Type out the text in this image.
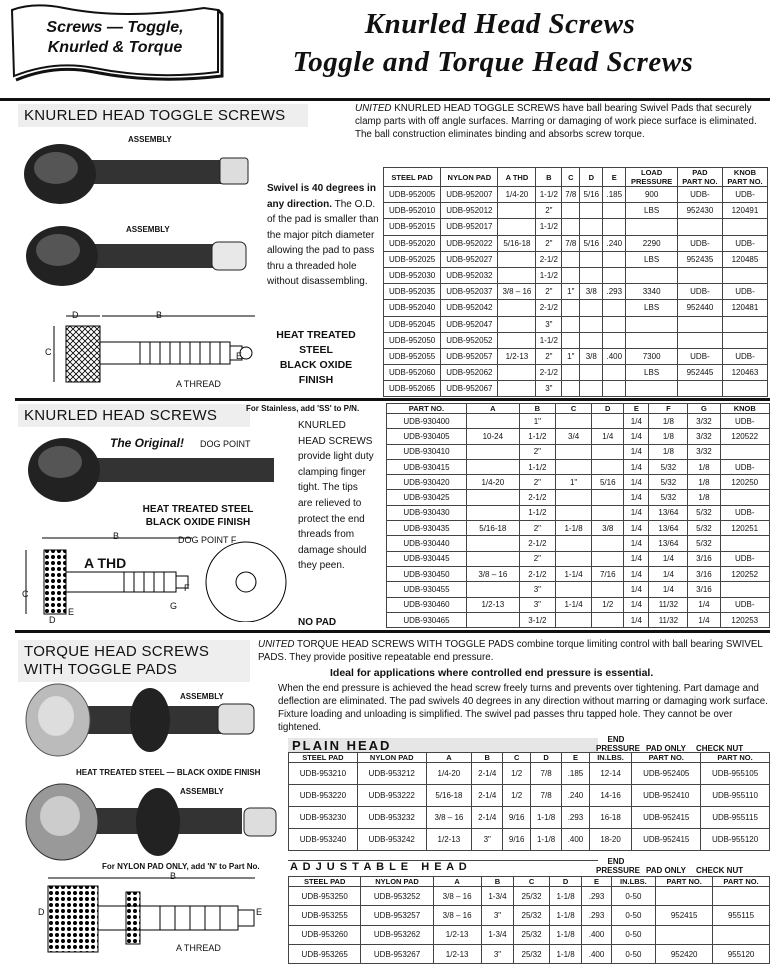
Screws — Toggle, Knurled & Torque
Knurled Head Screws
Toggle and Torque Head Screws
KNURLED HEAD TOGGLE SCREWS	UNITED KNURLED HEAD TOGGLE SCREWS have ball bearing Swivel Pads that securely clamp parts with off angle surfaces. Marring or damaging of work piece surface is eliminated. The ball construction eliminates binding and absorbs screw torque.
ASSEMBLY
ASSEMBLY
D	B
C	E
A THREAD
Swivel is 40 degrees in any direction. The O.D. of the pad is smaller than the major pitch diameter allowing the pad to pass thru a threaded hole without disassembling.
HEAT TREATED
STEEL
BLACK OXIDE
FINISH
STEEL PAD	NYLON PAD	A THD	B	C	D	E	LOAD
PRESSURE	PAD
PART NO.	KNOB
PART NO.
UDB-952005	UDB-952007	1/4-20	1-1/2	7/8	5/16	.185	900	UDB-	UDB-
UDB-952010	UDB-952012		2"				LBS	952430	120491
UDB-952015	UDB-952017		1-1/2						
UDB-952020	UDB-952022	5/16-18	2"	7/8	5/16	.240	2290	UDB-	UDB-
UDB-952025	UDB-952027		2-1/2				LBS	952435	120485
UDB-952030	UDB-952032		1-1/2						
UDB-952035	UDB-952037	3/8 – 16	2"	1"	3/8	.293	3340	UDB-	UDB-
UDB-952040	UDB-952042		2-1/2				LBS	952440	120481
UDB-952045	UDB-952047		3"						
UDB-952050	UDB-952052		1-1/2						
UDB-952055	UDB-952057	1/2-13	2"	1"	3/8	.400	7300	UDB-	UDB-
UDB-952060	UDB-952062		2-1/2				LBS	952445	120463
UDB-952065	UDB-952067		3"						
KNURLED HEAD SCREWS	For Stainless, add 'SS' to P/N.
The Original! DOG POINT
HEAT TREATED STEEL
BLACK OXIDE FINISH
B	DOG POINT F
A THD
C
D
E
F
G
KNURLED HEAD SCREWS provide light duty clamping finger tight. The tips are relieved to protect the end threads from damage should they peen.
NO PAD
PART NO.	A	B	C	D	E	F	G	KNOB
UDB-930400		1"			1/4	1/8	3/32	UDB-
UDB-930405	10-24	1-1/2	3/4	1/4	1/4	1/8	3/32	120522
UDB-930410		2"			1/4	1/8	3/32	
UDB-930415		1-1/2			1/4	5/32	1/8	UDB-
UDB-930420	1/4-20	2"	1"	5/16	1/4	5/32	1/8	120250
UDB-930425		2-1/2			1/4	5/32	1/8	
UDB-930430		1-1/2			1/4	13/64	5/32	UDB-
UDB-930435	5/16-18	2"	1-1/8	3/8	1/4	13/64	5/32	120251
UDB-930440		2-1/2			1/4	13/64	5/32	
UDB-930445		2"			1/4	1/4	3/16	UDB-
UDB-930450	3/8 – 16	2-1/2	1-1/4	7/16	1/4	1/4	3/16	120252
UDB-930455		3"			1/4	1/4	3/16	
UDB-930460	1/2-13	3"	1-1/4	1/2	1/4	11/32	1/4	UDB-
UDB-930465		3-1/2			1/4	11/32	1/4	120253
TORQUE HEAD SCREWS
WITH TOGGLE PADS
UNITED TORQUE HEAD SCREWS WITH TOGGLE PADS combine torque limiting control with ball bearing SWIVEL PADS. They provide positive repeatable end pressure.
Ideal for applications where controlled end pressure is essential.
When the end pressure is achieved the head screw freely turns and prevents over tightening. Part damage and deflection are eliminated. The pad swivels 40 degrees in any direction without marring or damaging work surface. Fixture loading and unloading is simplified. The swivel pad passes thru tapped hole. They cannot be over tightened.
ASSEMBLY
HEAT TREATED STEEL — BLACK OXIDE FINISH
ASSEMBLY
For NYLON PAD ONLY, add 'N' to Part No.
B
D	E
A THREAD
PLAIN HEAD	END
PRESSURE PAD ONLY CHECK NUT
STEEL PAD	NYLON PAD	A	B	C	D	E	IN.LBS.	PART NO.	PART NO.
UDB-953210	UDB-953212	1/4-20	2-1/4	1/2	7/8	.185	12-14	UDB-952405	UDB-955105
UDB-953220	UDB-953222	5/16-18	2-1/4	1/2	7/8	.240	14-16	UDB-952410	UDB-955110
UDB-953230	UDB-953232	3/8 – 16	2-1/4	9/16	1-1/8	.293	16-18	UDB-952415	UDB-955115
UDB-953240	UDB-953242	1/2-13	3"	9/16	1-1/8	.400	18-20	UDB-952415	UDB-955120
A D J U S T A B L E   H E A D	END
PRESSURE PAD ONLY CHECK NUT
STEEL PAD	NYLON PAD	A	B	C	D	E	IN.LBS.	PART NO.	PART NO.
UDB-953250	UDB-953252	3/8 – 16	1-3/4	25/32	1-1/8	.293	0-50		
UDB-953255	UDB-953257	3/8 – 16	3"	25/32	1-1/8	.293	0-50	952415	955115
UDB-953260	UDB-953262	1/2-13	1-3/4	25/32	1-1/8	.400	0-50		
UDB-953265	UDB-953267	1/2-13	3"	25/32	1-1/8	.400	0-50	952420	955120
